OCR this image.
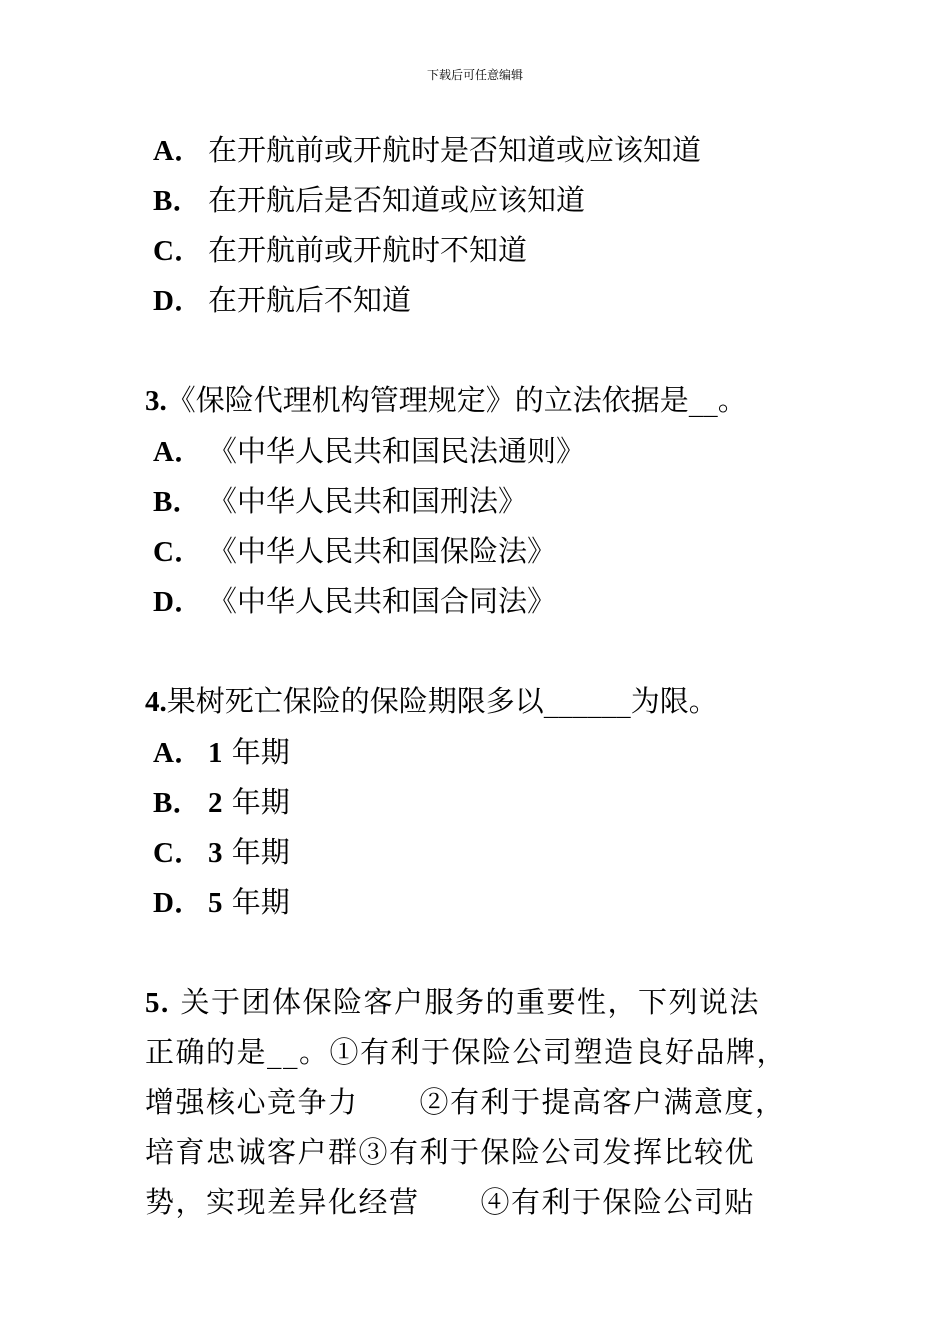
下载后可任意编辑
A． 在开航前或开航时是否知道或应该知道
B． 在开航后是否知道或应该知道
C． 在开航前或开航时不知道
D． 在开航后不知道
3.《保险代理机构管理规定》的立法依据是__。
A． 《中华人民共和国民法通则》
B． 《中华人民共和国刑法》
C． 《中华人民共和国保险法》
D． 《中华人民共和国合同法》
4.果树死亡保险的保险期限多以______为限。
A． 1 年期
B． 2 年期
C． 3 年期
D． 5 年期
5. 关于团体保险客户服务的重要性，下列说法
正确的是__。①有利于保险公司塑造良好品牌，
增强核心竞争力　　②有利于提高客户满意度，
培育忠诚客户群③有利于保险公司发挥比较优
势，实现差异化经营　　④有利于保险公司贴
